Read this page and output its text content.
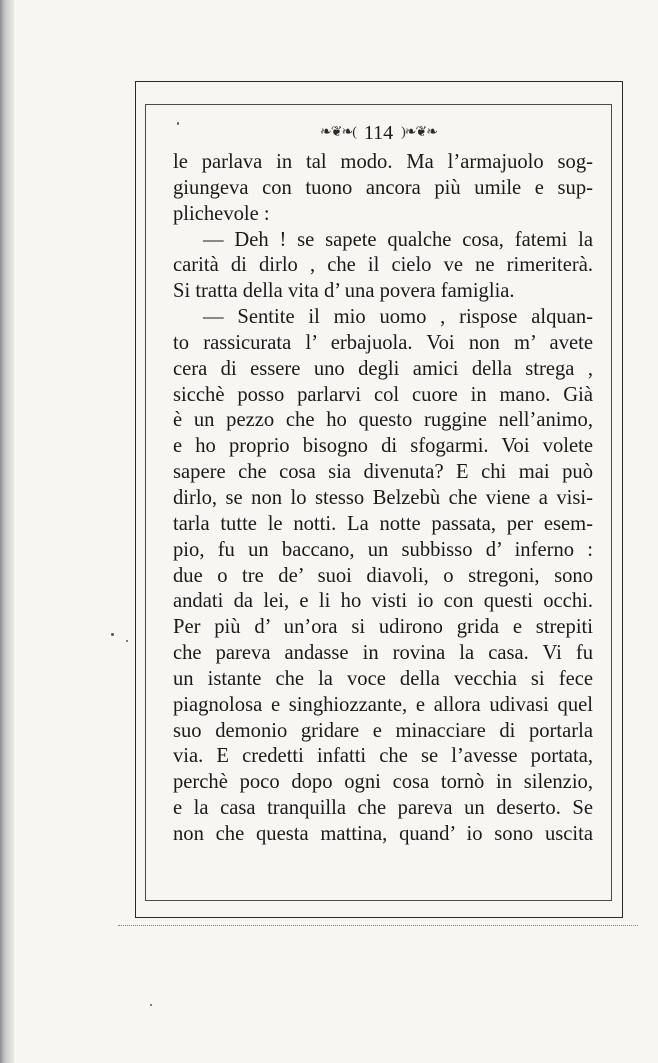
❧❦❧( 114 )❧❦❧
le parlava in tal modo. Ma l’armajuolo sog-
giungeva con tuono ancora più umile e sup-
plichevole :
— Deh ! se sapete qualche cosa, fatemi la
carità di dirlo , che il cielo ve ne rimeriterà.
Si tratta della vita d’ una povera famiglia.
— Sentite il mio uomo , rispose alquan-
to rassicurata l’ erbajuola. Voi non m’ avete
cera di essere uno degli amici della strega ,
sicchè posso parlarvi col cuore in mano. Già
è un pezzo che ho questo ruggine nell’animo,
e ho proprio bisogno di sfogarmi. Voi volete
sapere che cosa sia divenuta? E chi mai può
dirlo, se non lo stesso Belzebù che viene a visi-
tarla tutte le notti. La notte passata, per esem-
pio, fu un baccano, un subbisso d’ inferno :
due o tre de’ suoi diavoli, o stregoni, sono
andati da lei, e li ho visti io con questi occhi.
Per più d’ un’ora si udirono grida e strepiti
che pareva andasse in rovina la casa. Vi fu
un istante che la voce della vecchia si fece
piagnolosa e singhiozzante, e allora udivasi quel
suo demonio gridare e minacciare di portarla
via. E credetti infatti che se l’avesse portata,
perchè poco dopo ogni cosa tornò in silenzio,
e la casa tranquilla che pareva un deserto. Se
non che questa mattina, quand’ io sono uscita
